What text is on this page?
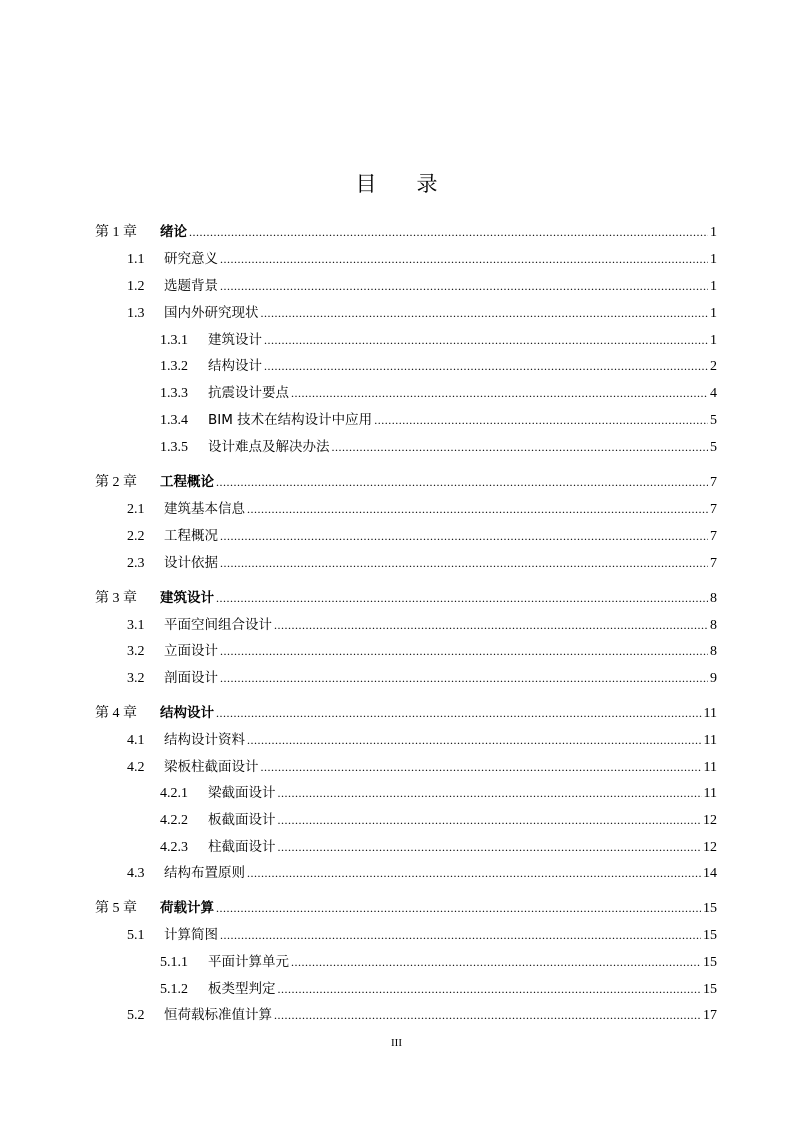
目 录
第 1 章	绪论 .....	1
1.1	研究意义 .....	1
1.2	选题背景 .....	1
1.3	国内外研究现状 .....	1
1.3.1	建筑设计 .....	1
1.3.2	结构设计 .....	2
1.3.3	抗震设计要点 .....	4
1.3.4	BIM 技术在结构设计中应用 .....	5
1.3.5	设计难点及解决办法 .....	5
第 2 章	工程概论 .....	7
2.1	建筑基本信息 .....	7
2.2	工程概况 .....	7
2.3	设计依据 .....	7
第 3 章	建筑设计 .....	8
3.1	平面空间组合设计 .....	8
3.2	立面设计 .....	8
3.2	剖面设计 .....	9
第 4 章	结构设计 .....	11
4.1	结构设计资料 .....	11
4.2	梁板柱截面设计 .....	11
4.2.1	梁截面设计 .....	11
4.2.2	板截面设计 .....	12
4.2.3	柱截面设计 .....	12
4.3	结构布置原则 .....	14
第 5 章	荷载计算 .....	15
5.1	计算简图 .....	15
5.1.1	平面计算单元 .....	15
5.1.2	板类型判定 .....	15
5.2	恒荷载标准值计算 .....	17
III
